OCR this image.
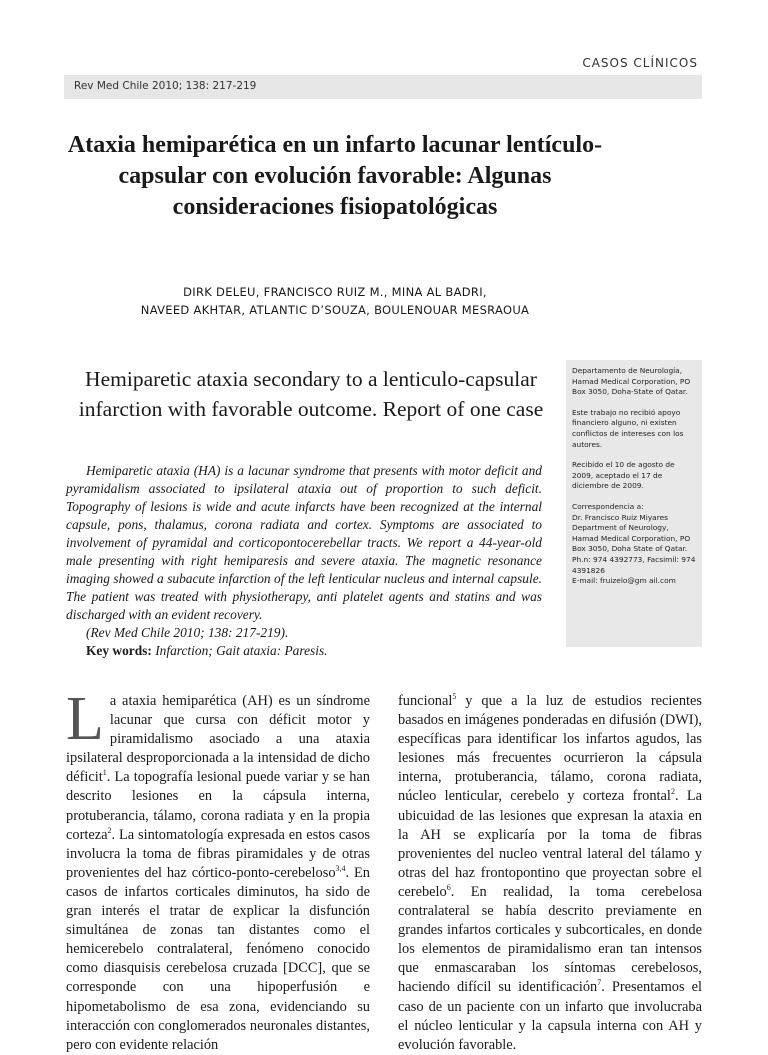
CASOS CLÍNICOS
Rev Med Chile 2010; 138: 217-219
Ataxia hemiparética en un infarto lacunar lentículo-capsular con evolución favorable: Algunas consideraciones fisiopatológicas
DIRK DELEU, FRANCISCO RUIZ M., MINA AL BADRI,
NAVEED AKHTAR, ATLANTIC D’SOUZA, BOULENOUAR MESRAOUA

Departamento de Neurología, Hamad Medical Corporation, PO Box 3050, Doha-State of Qatar.

Este trabajo no recibió apoyo financiero alguno, ni existen conflictos de intereses con los autores.

Recibido el 10 de agosto de 2009, aceptado el 17 de diciembre de 2009.

Correspondencia a:
Dr. Francisco Ruiz Miyares
Department of Neurology, Hamad Medical Corporation, PO Box 3050, Doha State of Qatar.
Ph.n: 974 4392773, Facsimil: 974 4391826
E-mail: fruizelo@gm ail.com

Hemiparetic ataxia secondary to a lenticulo-capsular infarction with favorable outcome. Report of one case

Hemiparetic ataxia (HA) is a lacunar syndrome that presents with motor deficit and pyramidalism associated to ipsilateral ataxia out of proportion to such deficit. Topography of lesions is wide and acute infarcts have been recognized at the internal capsule, pons, thalamus, corona radiata and cortex. Symptoms are associated to involvement of pyramidal and corticopontocerebellar tracts. We report a 44-year-old male presenting with right hemiparesis and severe ataxia. The magnetic resonance imaging showed a subacute infarction of the left lenticular nucleus and internal capsule. The patient was treated with physiotherapy, anti platelet agents and statins and was discharged with an evident recovery.

(Rev Med Chile 2010; 138: 217-219).

Key words: Infarction; Gait ataxia: Paresis.

La ataxia hemiparética (AH) es un síndrome lacunar que cursa con déficit motor y piramidalismo asociado a una ataxia ipsilateral desproporcionada a la intensidad de dicho déficit$^1$. La topografía lesional puede variar y se han descrito lesiones en la cápsula interna, protuberancia, tálamo, corona radiata y en la propia corteza$^2$. La sintomatología expresada en estos casos involucra la toma de fibras piramidales y de otras provenientes del haz córtico-ponto-cerebeloso$^{3,4}$. En casos de infartos corticales diminutos, ha sido de gran interés el tratar de explicar la disfunción simultánea de zonas tan distantes como el hemicerebelo contralateral, fenómeno conocido como diasquisis cerebelosa cruzada [DCC], que se corresponde con una hipoperfusión e hipometabolismo de esa zona, evidenciando su interacción con conglomerados neuronales distantes, pero con evidente relación

funcional$^5$ y que a la luz de estudios recientes basados en imágenes ponderadas en difusión (DWI), específicas para identificar los infartos agudos, las lesiones más frecuentes ocurrieron la cápsula interna, protuberancia, tálamo, corona radiata, núcleo lenticular, cerebelo y corteza frontal$^2$. La ubicuidad de las lesiones que expresan la ataxia en la AH se explicaría por la toma de fibras provenientes del nucleo ventral lateral del tálamo y otras del haz frontopontino que proyectan sobre el cerebelo$^6$. En realidad, la toma cerebelosa contralateral se había descrito previamente en grandes infartos corticales y subcorticales, en donde los elementos de piramidalismo eran tan intensos que enmascaraban los síntomas cerebelosos, haciendo difícil su identificación$^7$. Presentamos el caso de un paciente con un infarto que involucraba el núcleo lenticular y la capsula interna con AH y evolución favorable.
